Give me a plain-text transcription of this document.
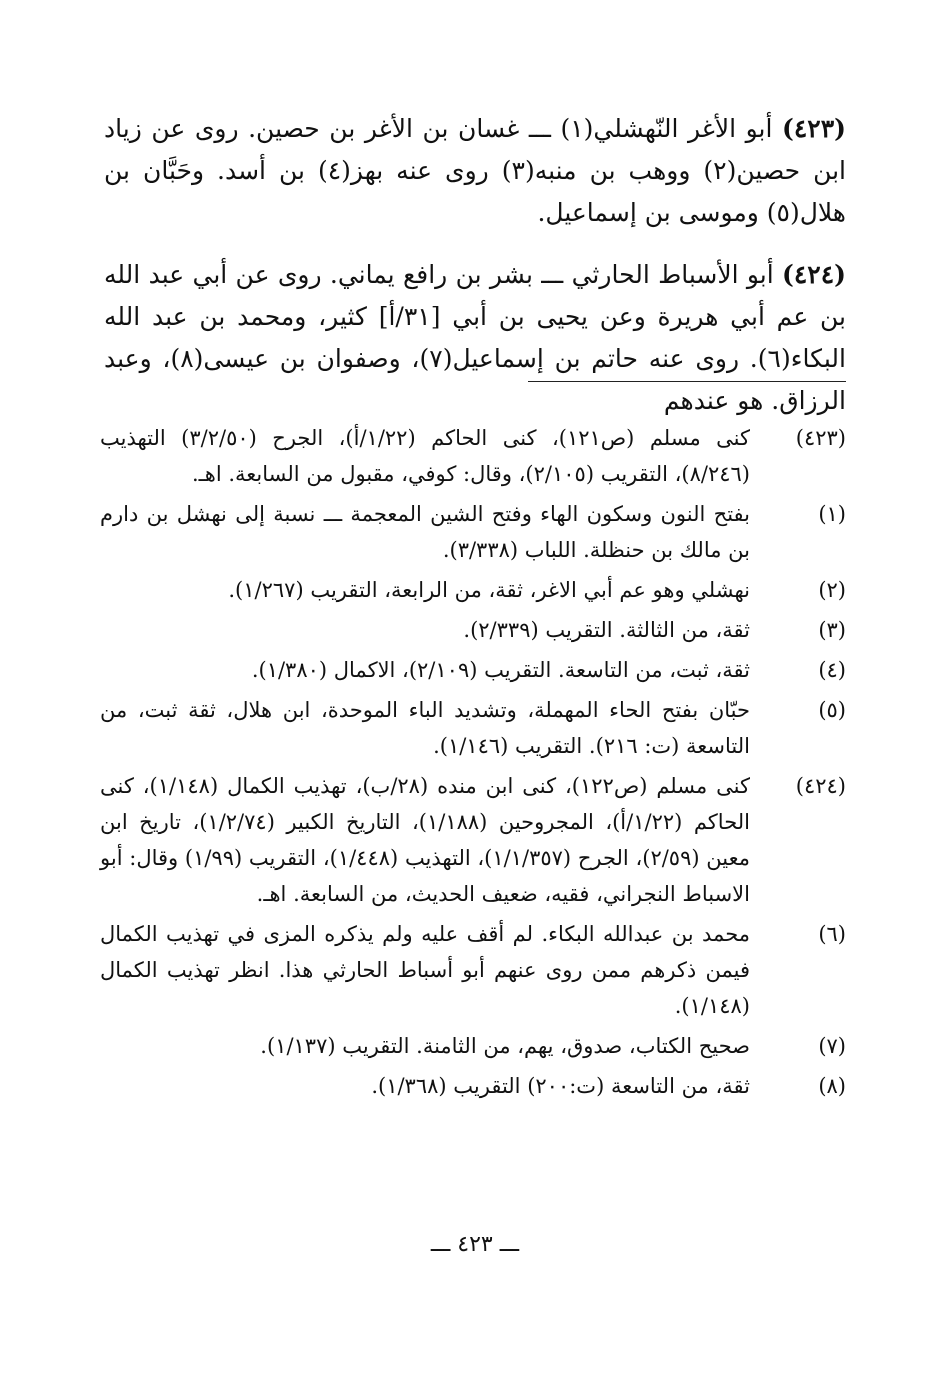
(٤٢٣) أبو الأغر النّهشلي(١) ـــ غسان بن الأغر بن حصين. روى عن زياد ابن حصين(٢) ووهب بن منبه(٣) روى عنه بهز(٤) بن أسد. وحَبَّان بن هلال(٥) وموسى بن إسماعيل.

(٤٢٤) أبو الأسباط الحارثي ـــ بشر بن رافع يماني. روى عن أبي عبد الله بن عم أبي هريرة وعن يحيى بن أبي [٣١/أ] كثير، ومحمد بن عبد الله البكاء(٦). روى عنه حاتم بن إسماعيل(٧)، وصفوان بن عيسى(٨)، وعبد الرزاق. هو عندهم

(٤٢٣)
كنى مسلم (ص١٢١)، كنى الحاكم (١/٢٢/أ)، الجرح (٣/٢/٥٠) التهذيب (٨/٢٤٦)، التقريب (٢/١٠٥)، وقال: كوفي، مقبول من السابعة. اهـ.
(١)
بفتح النون وسكون الهاء وفتح الشين المعجمة ـــ نسبة إلى نهشل بن دارم بن مالك بن حنظلة. اللباب (٣/٣٣٨).
(٢)
نهشلي وهو عم أبي الاغر، ثقة، من الرابعة، التقريب (١/٢٦٧).
(٣)
ثقة، من الثالثة. التقريب (٢/٣٣٩).
(٤)
ثقة، ثبت، من التاسعة. التقريب (٢/١٠٩)، الاكمال (١/٣٨٠).
(٥)
حبّان بفتح الحاء المهملة، وتشديد الباء الموحدة، ابن هلال، ثقة ثبت، من التاسعة (ت: ٢١٦). التقريب (١/١٤٦).
(٤٢٤)
كنى مسلم (ص١٢٢)، كنى ابن منده (٢٨/ب)، تهذيب الكمال (١/١٤٨)، كنى الحاكم (١/٢٢/أ)، المجروحين (١/١٨٨)، التاريخ الكبير (١/٢/٧٤)، تاريخ ابن معين (٢/٥٩)، الجرح (١/١/٣٥٧)، التهذيب (١/٤٤٨)، التقريب (١/٩٩) وقال: أبو الاسباط النجراني، فقيه، ضعيف الحديث، من السابعة. اهـ.
(٦)
محمد بن عبدالله البكاء. لم أقف عليه ولم يذكره المزى في تهذيب الكمال فيمن ذكرهم ممن روى عنهم أبو أسباط الحارثي هذا. انظر تهذيب الكمال (١/١٤٨).
(٧)
صحيح الكتاب، صدوق، يهم، من الثامنة. التقريب (١/١٣٧).
(٨)
ثقة، من التاسعة (ت:٢٠٠) التقريب (١/٣٦٨).
ـــ ٤٢٣ ـــ
